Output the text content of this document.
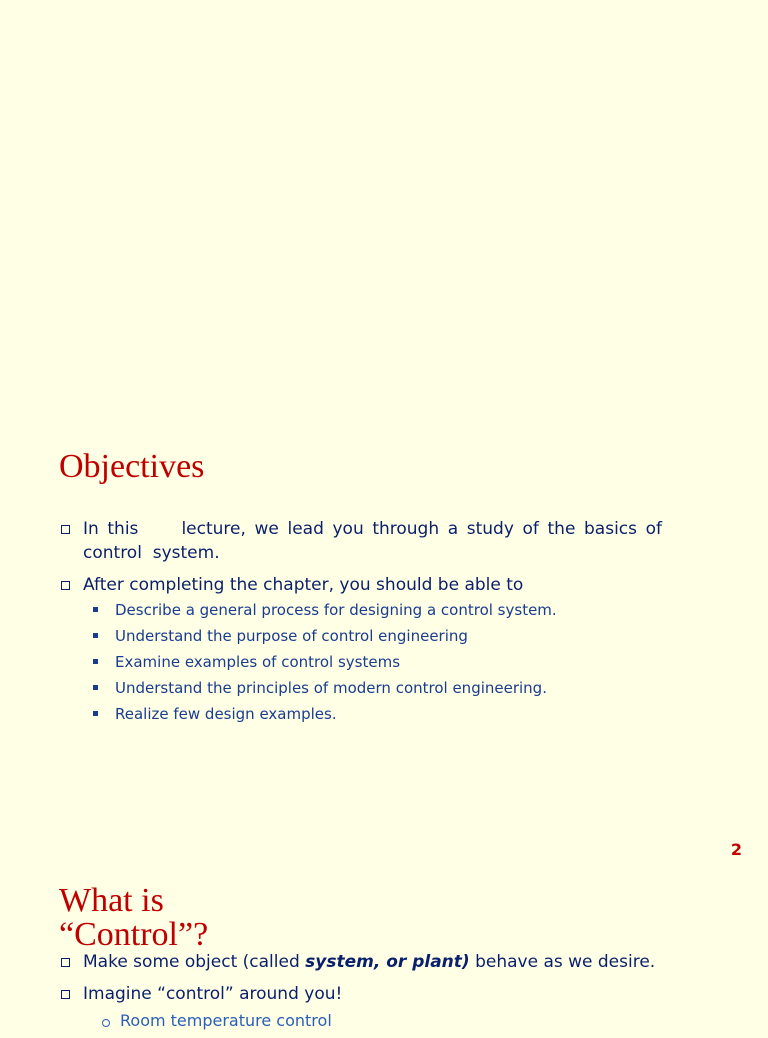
Objectives
In this     lecture, we lead you through a study of the basics of control  system.
After completing the chapter, you should be able to
Describe a general process for designing a control system.
Understand the purpose of control engineering
Examine examples of control systems
Understand the principles of modern control engineering.
Realize few design examples.
2
What is “Control”?
Make some object (called system, or plant) behave as we desire.
Imagine “control” around you!
Room temperature control
